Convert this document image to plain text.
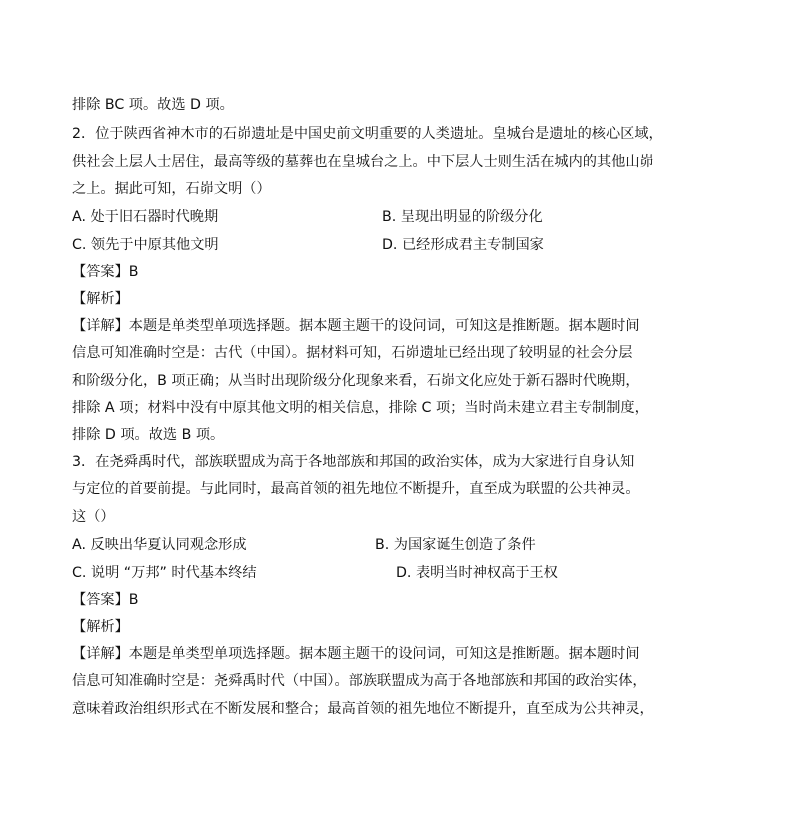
排除 BC 项。故选 D 项。
2．位于陕西省神木市的石峁遗址是中国史前文明重要的人类遗址。皇城台是遗址的核心区域，
供社会上层人士居住，最高等级的墓葬也在皇城台之上。中下层人士则生活在城内的其他山峁
之上。据此可知，石峁文明（）
A. 处于旧石器时代晚期	B. 呈现出明显的阶级分化
C. 领先于中原其他文明	D. 已经形成君主专制国家
【答案】B
【解析】
【详解】本题是单类型单项选择题。据本题主题干的设问词，可知这是推断题。据本题时间
信息可知准确时空是：古代（中国）。据材料可知，石峁遗址已经出现了较明显的社会分层
和阶级分化，B 项正确；从当时出现阶级分化现象来看，石峁文化应处于新石器时代晚期，
排除 A 项；材料中没有中原其他文明的相关信息，排除 C 项；当时尚未建立君主专制制度，
排除 D 项。故选 B 项。
3．在尧舜禹时代，部族联盟成为高于各地部族和邦国的政治实体，成为大家进行自身认知
与定位的首要前提。与此同时，最高首领的祖先地位不断提升，直至成为联盟的公共神灵。
这（）
A. 反映出华夏认同观念形成	B. 为国家诞生创造了条件
C. 说明 “万邦” 时代基本终结	D. 表明当时神权高于王权
【答案】B
【解析】
【详解】本题是单类型单项选择题。据本题主题干的设问词，可知这是推断题。据本题时间
信息可知准确时空是：尧舜禹时代（中国）。部族联盟成为高于各地部族和邦国的政治实体，
意味着政治组织形式在不断发展和整合；最高首领的祖先地位不断提升，直至成为公共神灵，
